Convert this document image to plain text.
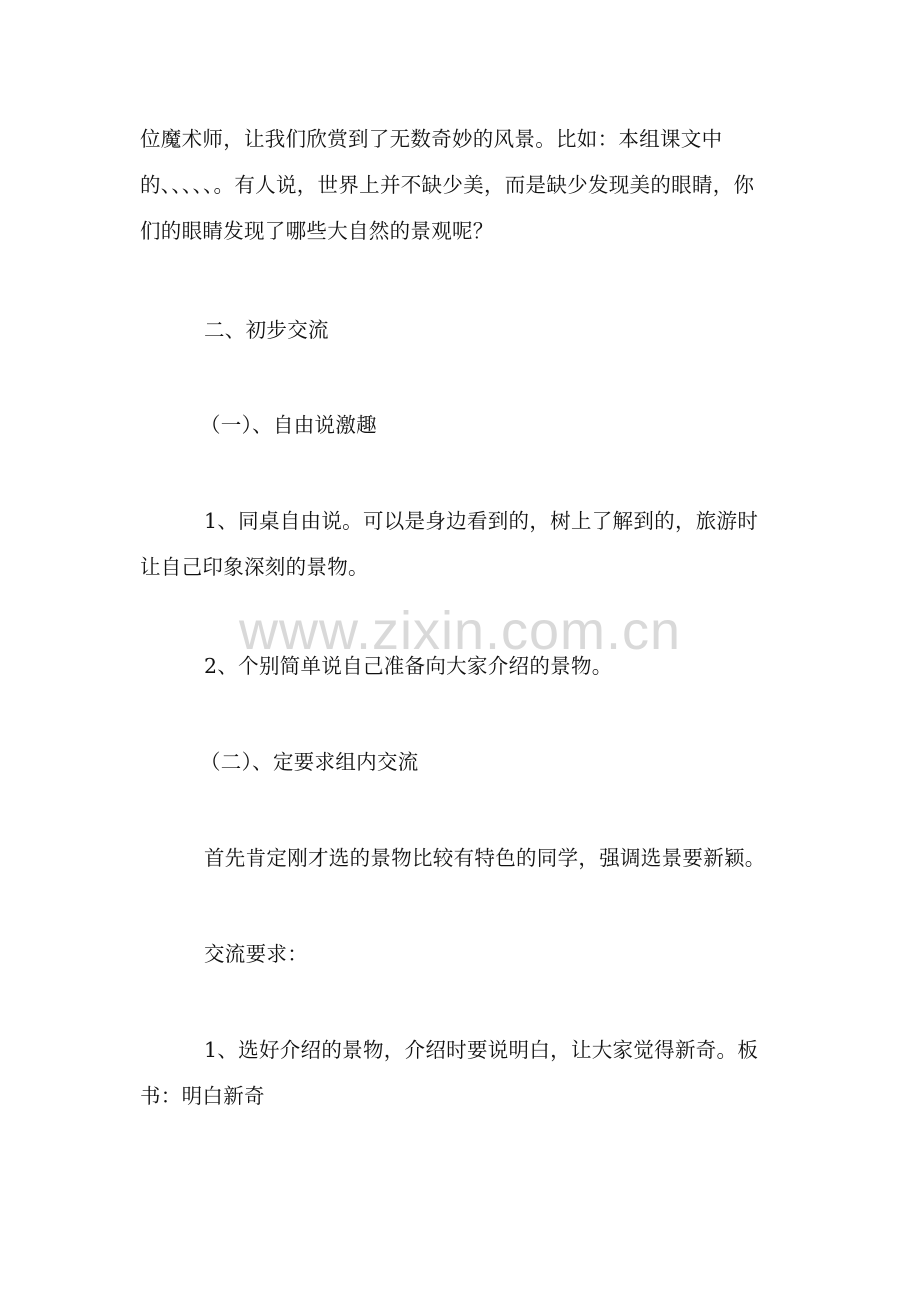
位魔术师，让我们欣赏到了无数奇妙的风景。比如：本组课文中
的、、、、、。有人说，世界上并不缺少美，而是缺少发现美的眼睛，你
们的眼睛发现了哪些大自然的景观呢？
二、初步交流
（一）、自由说激趣
1、同桌自由说。可以是身边看到的，树上了解到的，旅游时
让自己印象深刻的景物。
2、个别简单说自己准备向大家介绍的景物。
（二）、定要求组内交流
首先肯定刚才选的景物比较有特色的同学，强调选景要新颖。
交流要求：
1、选好介绍的景物，介绍时要说明白，让大家觉得新奇。板
书：明白新奇
www.zixin.com.cn
